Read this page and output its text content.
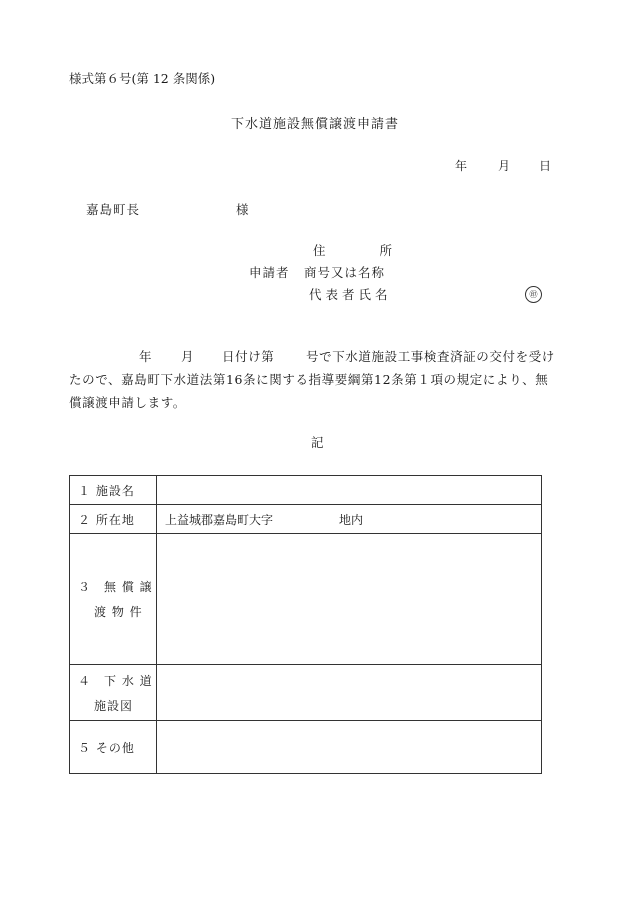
様式第６号(第 12 条関係)
下水道施設無償譲渡申請書
年	月 日
嘉島町長	様
住	所
申請者 商号又は名称
代表者氏名	㊞
年 月 日付け第	号で下水道施設工事検査済証の交付を受け
たので、嘉島町下水道法第16条に関する指導要綱第12条第１項の規定により、無
償譲渡申請します。
記
１ 施設名	
２ 所在地	上益城郡嘉島町大字 地内
３　無 償 譲
渡 物 件	

４　下 水 道
施設図	

５ その他	
